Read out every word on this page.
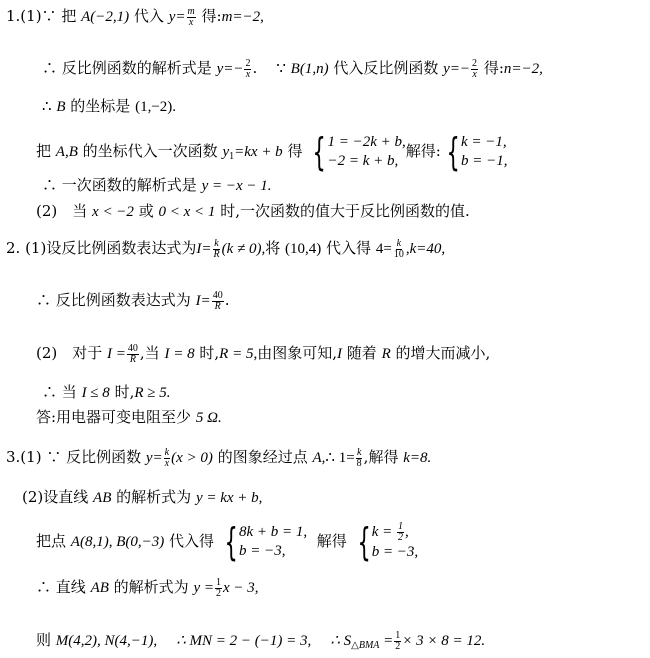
1.(1)∵ 把 A(−2,1) 代入 $y= \frac{m}{x}$ 得:m=−2,
∴ 反比例函数的解析式是 $y=- \frac{2}{x}$ . ∵ B(1,n) 代入反比例函数 $y=- \frac{2}{x}$ 得:n=−2,
∴ B 的坐标是 (1,−2).
把 A,B 的坐标代入一次函数 $y_1=kx + b$ 得 { 1 = −2k + b,
−2 = k + b,
解得: { k = −1,
b = −1,
∴ 一次函数的解析式是 y = −x − 1.
(2)　当 x < −2 或 0 < x < 1 时,一次函数的值大于反比例函数的值.
2. (1)设反比例函数表达式为$I= \frac{k}{R} (k \ne 0)$,将 (10,4) 代入得 $4= \frac{k}{10} ,k=40$,
∴ 反比例函数表达式为 $I= \frac{40}{R}$ .
(2)　对于 $I = \frac{40}{R}$ ,当 I = 8 时,R = 5,由图象可知,I 随着 R 的增大而减小,
∴ 当 I ≤ 8 时,R ≥ 5.
答:用电器可变电阻至少 5 Ω.
3.(1) ∵ 反比例函数 $y= \frac{k}{x} (x > 0)$ 的图象经过点 A,∴ $1= \frac{k}{8}$ ,解得 k=8.
(2)设直线 AB 的解析式为 y = kx + b,
把点 A(8,1), B(0,−3) 代入得 { 8k + b = 1,
b = −3,
解得 { $k = \frac{1}{2}$ ,
b = −3,
∴ 直线 AB 的解析式为 $y = \frac{1}{2}$ x − 3,
则 M(4,2), N(4,−1), ∴ MN = 2 − (−1) = 3, ∴ $S_{\triangle BMA} = \frac{1}{2} \times 3 \times 8 = 12$.
